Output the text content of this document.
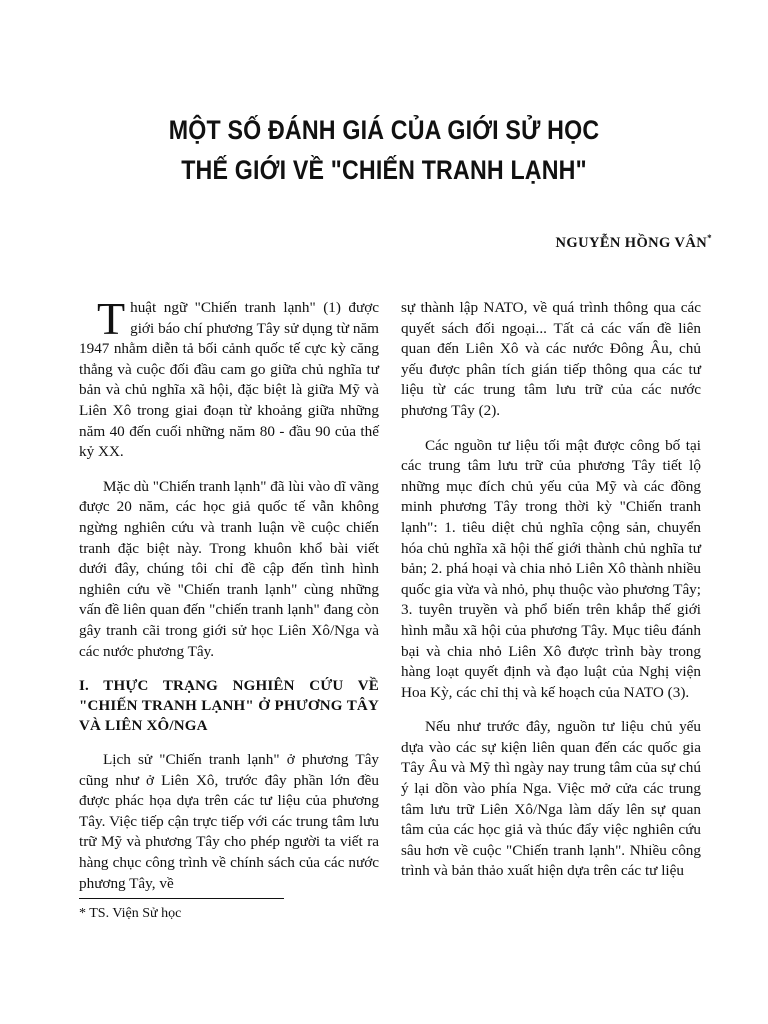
MỘT SỐ ĐÁNH GIÁ CỦA GIỚI SỬ HỌC
THẾ GIỚI VỀ "CHIẾN TRANH LẠNH"
NGUYỄN HỒNG VÂN*

Thuật ngữ "Chiến tranh lạnh" (1) được giới báo chí phương Tây sử dụng từ năm 1947 nhằm diễn tả bối cảnh quốc tế cực kỳ căng thẳng và cuộc đối đầu cam go giữa chủ nghĩa tư bản và chủ nghĩa xã hội, đặc biệt là giữa Mỹ và Liên Xô trong giai đoạn từ khoảng giữa những năm 40 đến cuối những năm 80 - đầu 90 của thế kỷ XX.

Mặc dù "Chiến tranh lạnh" đã lùi vào dĩ vãng được 20 năm, các học giả quốc tế vẫn không ngừng nghiên cứu và tranh luận về cuộc chiến tranh đặc biệt này. Trong khuôn khổ bài viết dưới đây, chúng tôi chỉ đề cập đến tình hình nghiên cứu về "Chiến tranh lạnh" cùng những vấn đề liên quan đến "chiến tranh lạnh" đang còn gây tranh cãi trong giới sử học Liên Xô/Nga và các nước phương Tây.

I. THỰC TRẠNG NGHIÊN CỨU VỀ "CHIẾN TRANH LẠNH" Ở PHƯƠNG TÂY VÀ LIÊN XÔ/NGA

Lịch sử "Chiến tranh lạnh" ở phương Tây cũng như ở Liên Xô, trước đây phần lớn đều được phác họa dựa trên các tư liệu của phương Tây. Việc tiếp cận trực tiếp với các trung tâm lưu trữ Mỹ và phương Tây cho phép người ta viết ra hàng chục công trình về chính sách của các nước phương Tây, về

sự thành lập NATO, về quá trình thông qua các quyết sách đối ngoại... Tất cả các vấn đề liên quan đến Liên Xô và các nước Đông Âu, chủ yếu được phân tích gián tiếp thông qua các tư liệu từ các trung tâm lưu trữ của các nước phương Tây (2).

Các nguồn tư liệu tối mật được công bố tại các trung tâm lưu trữ của phương Tây tiết lộ những mục đích chủ yếu của Mỹ và các đồng minh phương Tây trong thời kỳ "Chiến tranh lạnh": 1. tiêu diệt chủ nghĩa cộng sản, chuyển hóa chủ nghĩa xã hội thế giới thành chủ nghĩa tư bản; 2. phá hoại và chia nhỏ Liên Xô thành nhiều quốc gia vừa và nhỏ, phụ thuộc vào phương Tây; 3. tuyên truyền và phổ biến trên khắp thế giới hình mẫu xã hội của phương Tây. Mục tiêu đánh bại và chia nhỏ Liên Xô được trình bày trong hàng loạt quyết định và đạo luật của Nghị viện Hoa Kỳ, các chỉ thị và kế hoạch của NATO (3).

Nếu như trước đây, nguồn tư liệu chủ yếu dựa vào các sự kiện liên quan đến các quốc gia Tây Âu và Mỹ thì ngày nay trung tâm của sự chú ý lại dồn vào phía Nga. Việc mở cửa các trung tâm lưu trữ Liên Xô/Nga làm dấy lên sự quan tâm của các học giả và thúc đẩy việc nghiên cứu sâu hơn về cuộc "Chiến tranh lạnh". Nhiều công trình và bản thảo xuất hiện dựa trên các tư liệu

* TS. Viện Sử học
